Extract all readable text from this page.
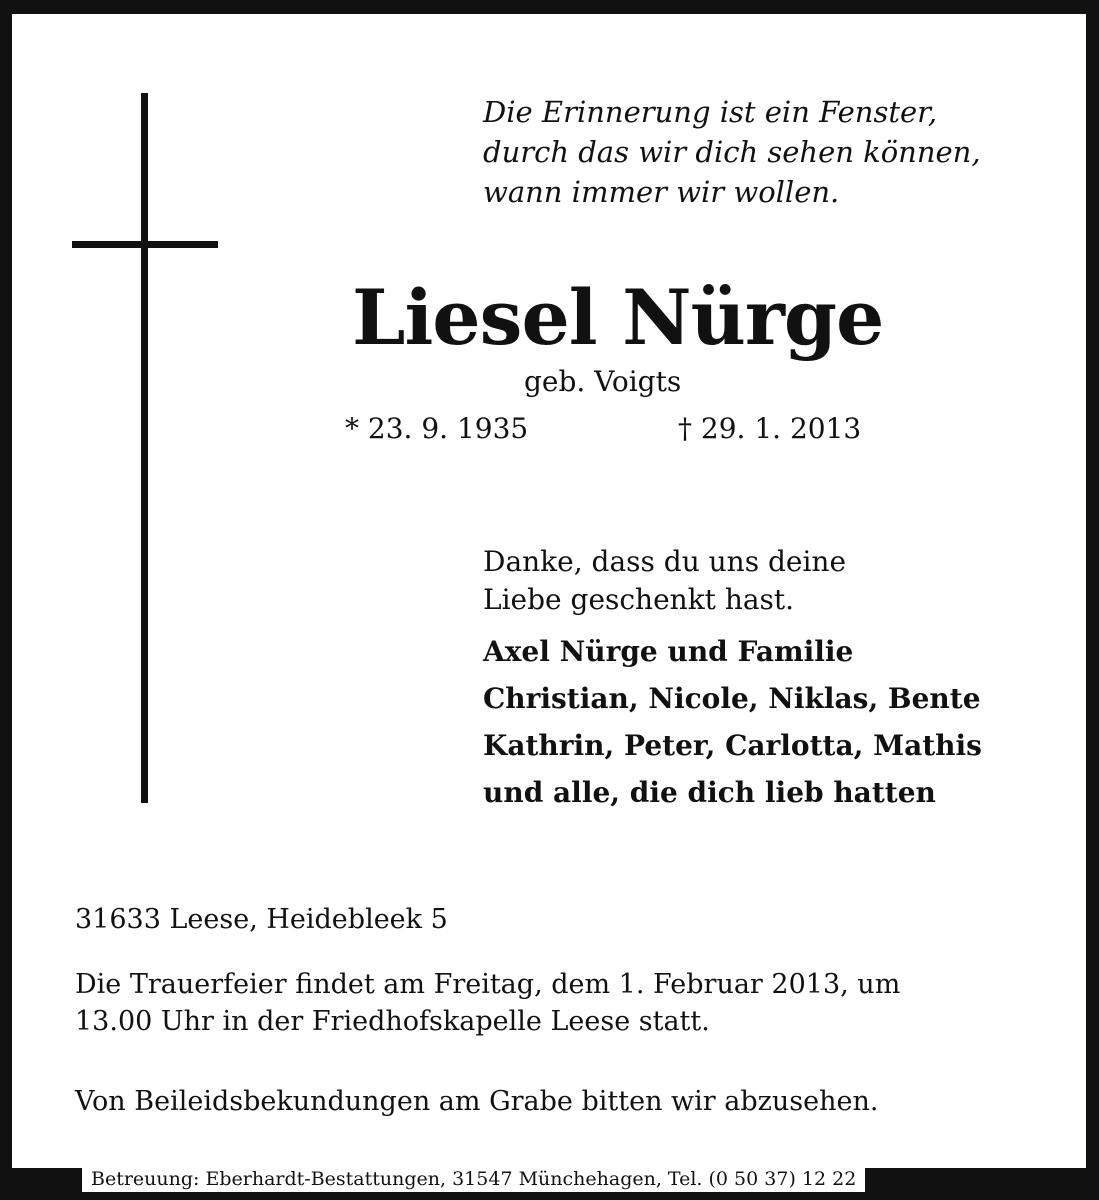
Die Erinnerung ist ein Fenster,
durch das wir dich sehen können,
wann immer wir wollen.
Liesel Nürge
geb. Voigts
* 23. 9. 1935	† 29. 1. 2013
Danke, dass du uns deine
Liebe geschenkt hast.
Axel Nürge und Familie
Christian, Nicole, Niklas, Bente
Kathrin, Peter, Carlotta, Mathis
und alle, die dich lieb hatten
31633 Leese, Heidebleek 5
Die Trauerfeier findet am Freitag, dem 1. Februar 2013, um
13.00 Uhr in der Friedhofskapelle Leese statt.
Von Beileidsbekundungen am Grabe bitten wir abzusehen.
Betreuung: Eberhardt-Bestattungen, 31547 Münchehagen, Tel. (0 50 37) 12 22
